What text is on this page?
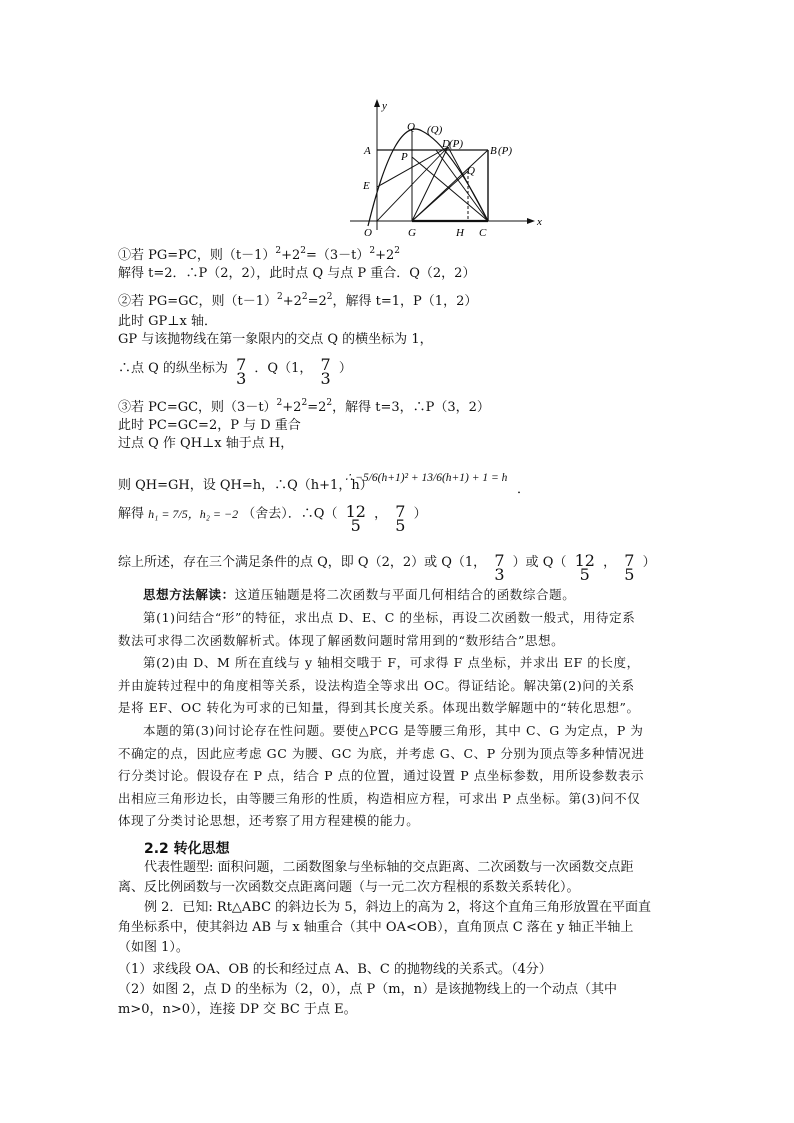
y
x
O
A
E
G	H C
Q (Q)
D (P)
B (P)
P
Q
①若 PG=PC，则$(t-1)^2+2^2=(3-t)^2+2^2$
解得 t=2．∴P（2，2），此时点 Q 与点 P 重合．Q（2，2）
②若 PG=GC，则$(t-1)^2+2^2=2^2$，解得 t=1，P（1，2）
此时 GP⊥x 轴．
GP 与该抛物线在第一象限内的交点 Q 的横坐标为 1，
∴点 Q 的纵坐标为 7
3
．Q（1， 7
3
）
③若 PC=GC，则$(3-t)^2+2^2=2^2$，解得 t=3，∴P（3，2）
此时 PC=GC=2，P 与 D 重合
过点 Q 作 QH⊥x 轴于点 H，
则 QH=GH，设 QH=h，∴Q（h+1，h）
∴ −5/6(h+1)² + 13/6(h+1) + 1 = h
．
解得 h₁ = 7/5，h₂ = −2 （舍去）．∴Q（ 12
5
， 7
5
）
综上所述，存在三个满足条件的点 Q，即 Q（2，2）或 Q（1， 7
3
）或 Q（ 12
5
， 7
5
）
思想方法解读：这道压轴题是将二次函数与平面几何相结合的函数综合题。
第(1)问结合“形”的特征，求出点 D、E、C 的坐标，再设二次函数一般式，用待定系数法可求得二次函数解析式。体现了解函数问题时常用到的“数形结合”思想。
第(2)由 D、M 所在直线与 y 轴相交哦于 F，可求得 F 点坐标，并求出 EF 的长度，并由旋转过程中的角度相等关系，设法构造全等求出 OC。得证结论。解决第(2)问的关系是将 EF、OC 转化为可求的已知量，得到其长度关系。体现出数学解题中的“转化思想”。
本题的第(3)问讨论存在性问题。要使△PCG 是等腰三角形，其中 C、G 为定点，P 为不确定的点，因此应考虑 GC 为腰、GC 为底，并考虑 G、C、P 分别为顶点等多种情况进行分类讨论。假设存在 P 点，结合 P 点的位置，通过设置 P 点坐标参数，用所设参数表示出相应三角形边长，由等腰三角形的性质，构造相应方程，可求出 P 点坐标。第(3)问不仅体现了分类讨论思想，还考察了用方程建模的能力。
2.2 转化思想
代表性题型: 面积问题，二函数图象与坐标轴的交点距离、二次函数与一次函数交点距离、反比例函数与一次函数交点距离问题（与一元二次方程根的系数关系转化）。
例 2．已知: Rt△ABC 的斜边长为 5，斜边上的高为 2，将这个直角三角形放置在平面直角坐标系中，使其斜边 AB 与 x 轴重合（其中 OA<OB），直角顶点 C 落在 y 轴正半轴上（如图 1）。
（1）求线段 OA、OB 的长和经过点 A、B、C 的抛物线的关系式。（4分）
（2）如图 2，点 D 的坐标为（2，0），点 P（m，n）是该抛物线上的一个动点（其中 m>0，n>0），连接 DP 交 BC 于点 E。
